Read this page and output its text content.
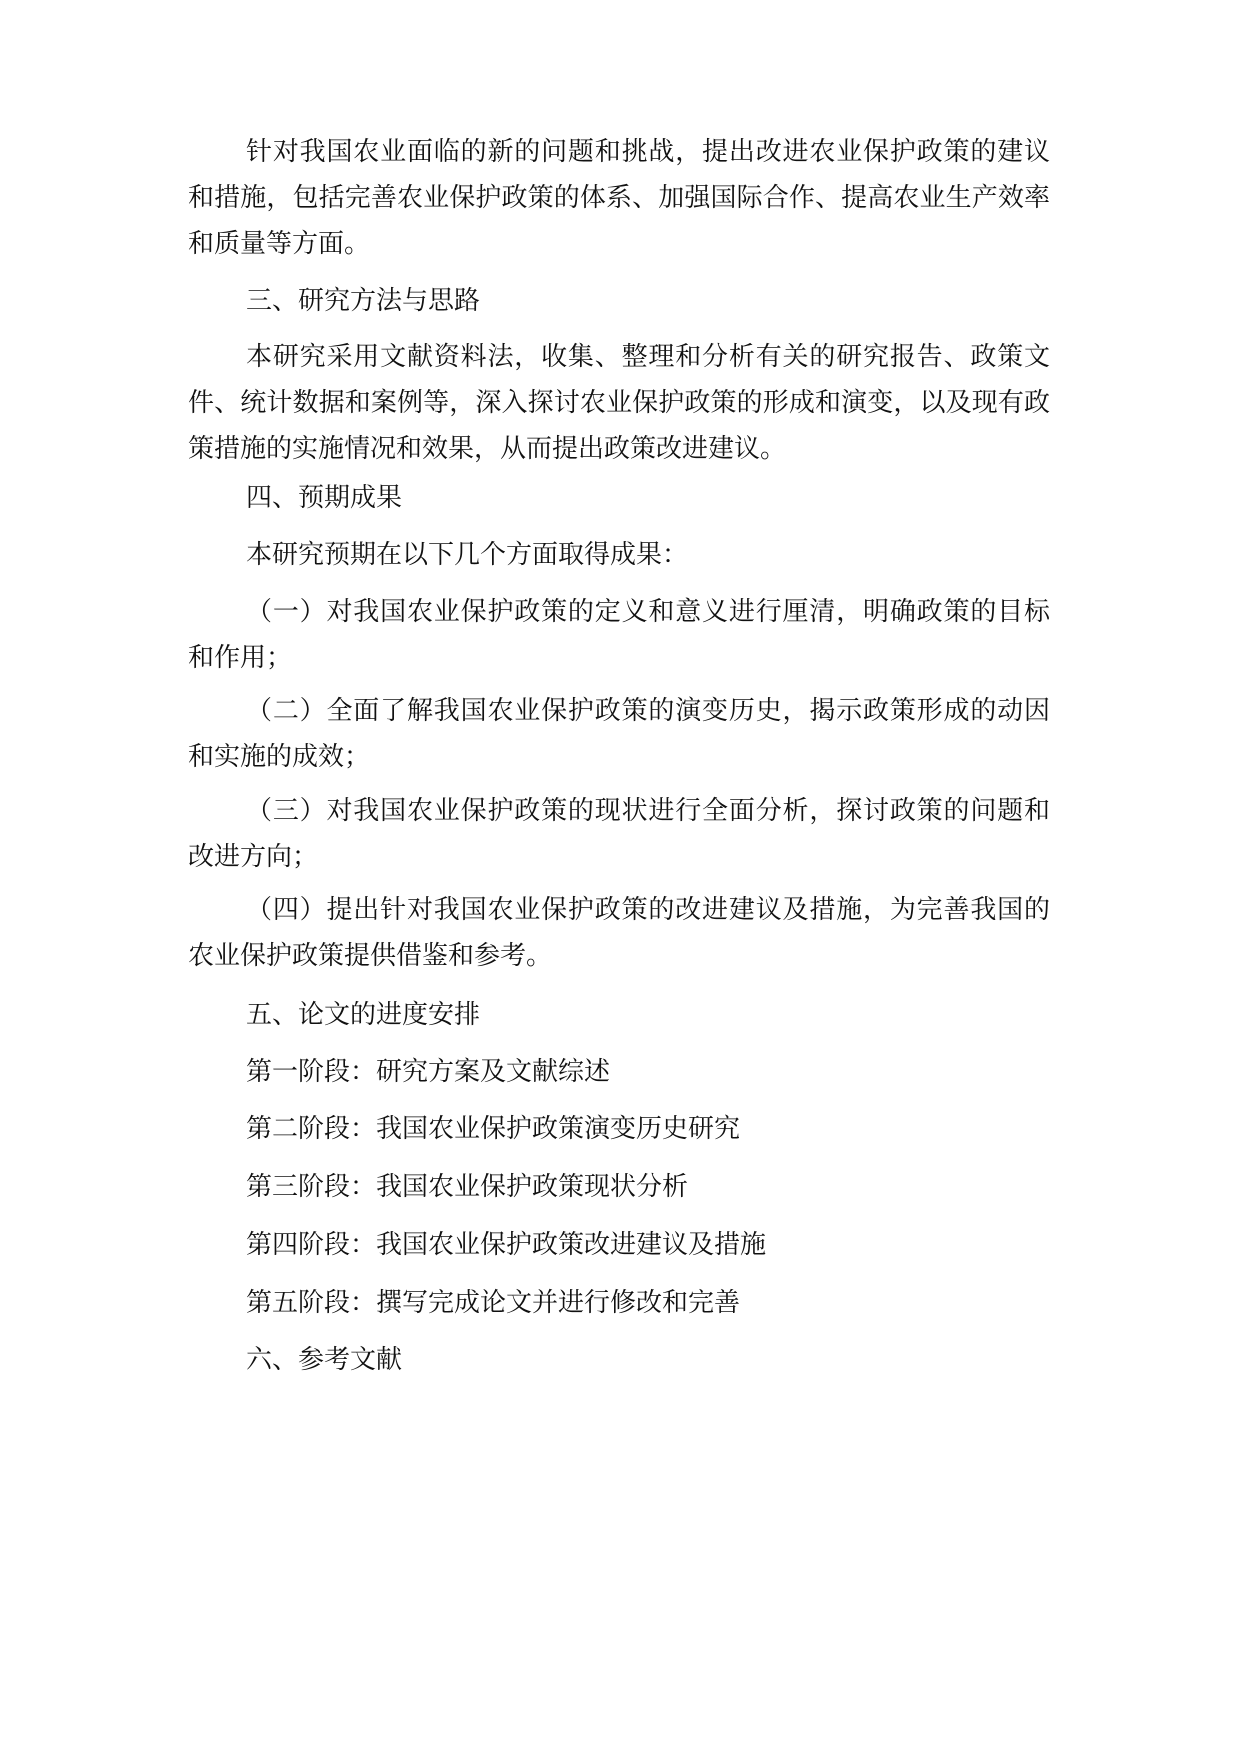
针对我国农业面临的新的问题和挑战，提出改进农业保护政策的建议和措施，包括完善农业保护政策的体系、加强国际合作、提高农业生产效率和质量等方面。

三、研究方法与思路

本研究采用文献资料法，收集、整理和分析有关的研究报告、政策文件、统计数据和案例等，深入探讨农业保护政策的形成和演变，以及现有政策措施的实施情况和效果，从而提出政策改进建议。

四、预期成果

本研究预期在以下几个方面取得成果：

（一）对我国农业保护政策的定义和意义进行厘清，明确政策的目标和作用；

（二）全面了解我国农业保护政策的演变历史，揭示政策形成的动因和实施的成效；

（三）对我国农业保护政策的现状进行全面分析，探讨政策的问题和改进方向；

（四）提出针对我国农业保护政策的改进建议及措施，为完善我国的农业保护政策提供借鉴和参考。

五、论文的进度安排

第一阶段：研究方案及文献综述

第二阶段：我国农业保护政策演变历史研究

第三阶段：我国农业保护政策现状分析

第四阶段：我国农业保护政策改进建议及措施

第五阶段：撰写完成论文并进行修改和完善

六、参考文献
